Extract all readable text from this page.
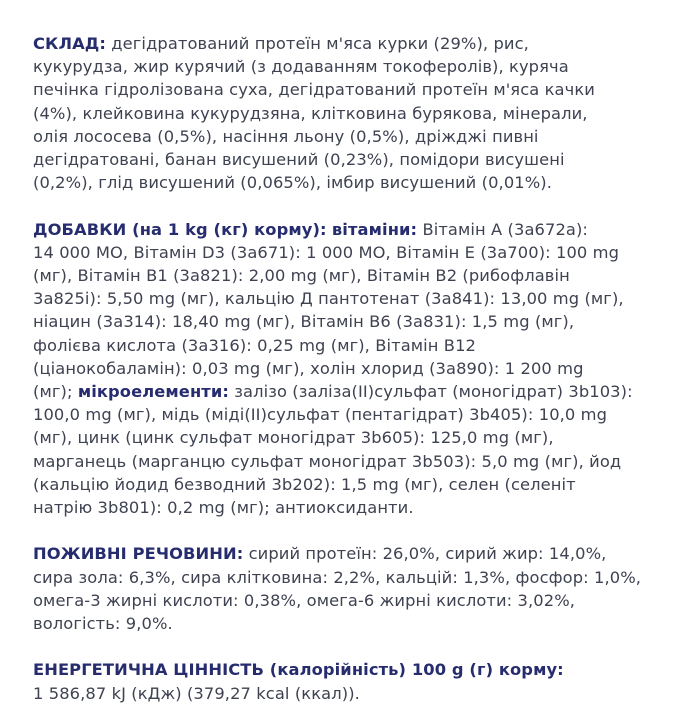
СКЛАД: дегідратований протеїн м'яса курки (29%), рис,
кукурудза, жир курячий (з додаванням токоферолів), куряча
печінка гідролізована суха, дегідратований протеїн м'яса качки
(4%), клейковина кукурудзяна, клітковина бурякова, мінерали,
олія лососева (0,5%), насіння льону (0,5%), дріжджі пивні
дегідратовані, банан висушений (0,23%), помідори висушені
(0,2%), глід висушений (0,065%), імбир висушений (0,01%).
ДОБАВКИ (на 1 kg (кг) корму): вітаміни: Вітамін А (3а672а):
14 000 МО, Вітамін D3 (3а671): 1 000 МО, Вітамін Е (3а700): 100 mg
(мг), Вітамін В1 (3а821): 2,00 mg (мг), Вітамін В2 (рибофлавін
3а825і): 5,50 mg (мг), кальцію Д пантотенат (3а841): 13,00 mg (мг),
ніацин (3а314): 18,40 mg (мг), Вітамін В6 (3а831): 1,5 mg (мг),
фолієва кислота (3а316): 0,25 mg (мг), Вітамін В12
(ціанокобаламін): 0,03 mg (мг), холін хлорид (3а890): 1 200 mg
(мг); мікроелементи: залізо (заліза(ІІ)сульфат (моногідрат) 3b103):
100,0 mg (мг), мідь (міді(ІІ)сульфат (пентагідрат) 3b405): 10,0 mg
(мг), цинк (цинк сульфат моногідрат 3b605): 125,0 mg (мг),
марганець (марганцю сульфат моногідрат 3b503): 5,0 mg (мг), йод
(кальцію йодид безводний 3b202): 1,5 mg (мг), селен (селеніт
натрію 3b801): 0,2 mg (мг); антиоксиданти.
ПОЖИВНІ РЕЧОВИНИ: сирий протеїн: 26,0%, сирий жир: 14,0%,
сира зола: 6,3%, сира клітковина: 2,2%, кальцій: 1,3%, фосфор: 1,0%,
омега-3 жирні кислоти: 0,38%, омега-6 жирні кислоти: 3,02%,
вологість: 9,0%.
ЕНЕРГЕТИЧНА ЦІННІСТЬ (калорійність) 100 g (г) корму:
1 586,87 kJ (кДж) (379,27 kcal (ккал)).
